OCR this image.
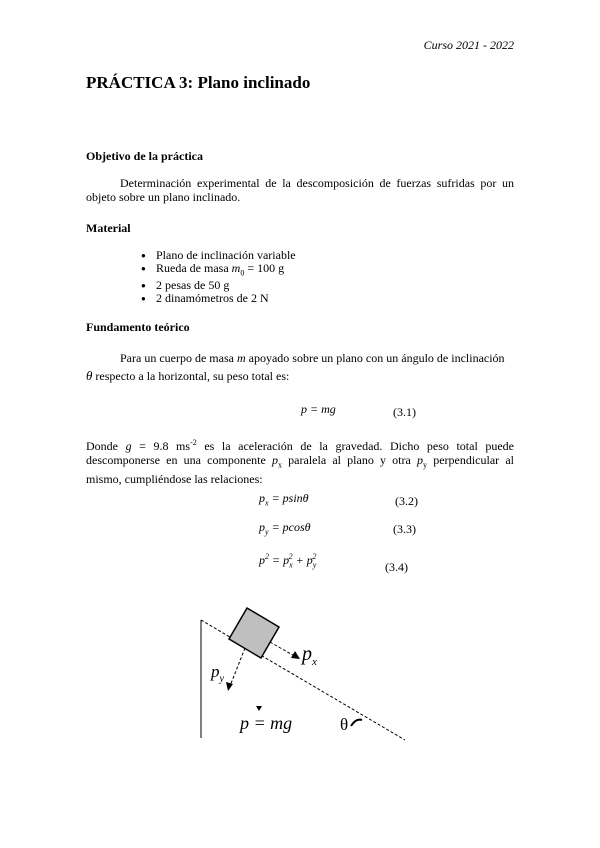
Curso 2021 - 2022
PRÁCTICA 3: Plano inclinado
Objetivo de la práctica
Determinación experimental de la descomposición de fuerzas sufridas por un objeto sobre un plano inclinado.
Material
● Plano de inclinación variable
● Rueda de masa $m_0 = 100$ g
● 2 pesas de 50 g
● 2 dinamómetros de 2 N
Fundamento teórico
Para un cuerpo de masa m apoyado sobre un plano con un ángulo de inclinación
θ respecto a la horizontal, su peso total es:
p = mg	(3.1)
Donde g = 9.8 $ms^{-2}$ es la aceleración de la gravedad. Dicho peso total puede descomponerse en una componente $p_x$ paralela al plano y otra $p_y$ perpendicular al mismo, cumpliéndose las relaciones:
$p_x = psin\theta$	(3.2)
$p_y = pcos\theta$	(3.3)
$p^2 = p_x^2 + p_y^2$
(3.4)
$p_x$
$p_y$
p = mg	θ
